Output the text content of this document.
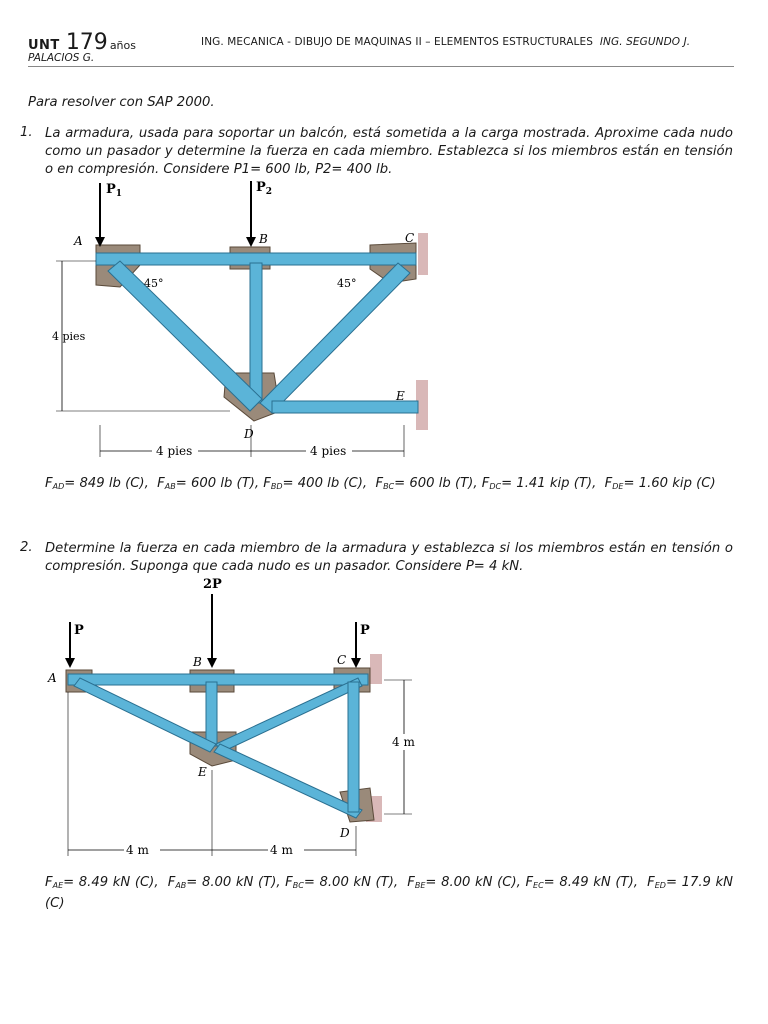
UNT 179 años	ING. MECANICA - DIBUJO DE MAQUINAS II – ELEMENTOS ESTRUCTURALES ING. SEGUNDO J.
PALACIOS G.
Para resolver con SAP 2000.
1. La armadura, usada para soportar un balcón, está sometida a la carga mostrada. Aproxime cada nudo como un pasador y determine la fuerza en cada miembro. Establezca si los miembros están en tensión o en compresión. Considere P1= 600 lb, P2= 400 lb.
$P_1$	$P_2$
A	B	C
D
E
45°	45°
4 pies
4 pies	4 pies
$F_{AD}= 849$ lb (C), $F_{AB}= 600$ lb (T), $F_{BD}= 400$ lb (C), $F_{BC}= 600$ lb (T), $F_{DC}= 1.41$ kip (T), $F_{DE}= 1.60$ kip (C)
2. Determine la fuerza en cada miembro de la armadura y establezca si los miembros están en tensión o compresión. Suponga que cada nudo es un pasador. Considere P= 4 kN.
P
2P
P
A
B	C
E
D
4 m
4 m	4 m
$F_{AE}= 8.49$ kN (C), $F_{AB}= 8.00$ kN (T), $F_{BC}= 8.00$ kN (T), $F_{BE}= 8.00$ kN (C), $F_{EC}= 8.49$ kN (T), $F_{ED}= 17.9$ kN (C)
